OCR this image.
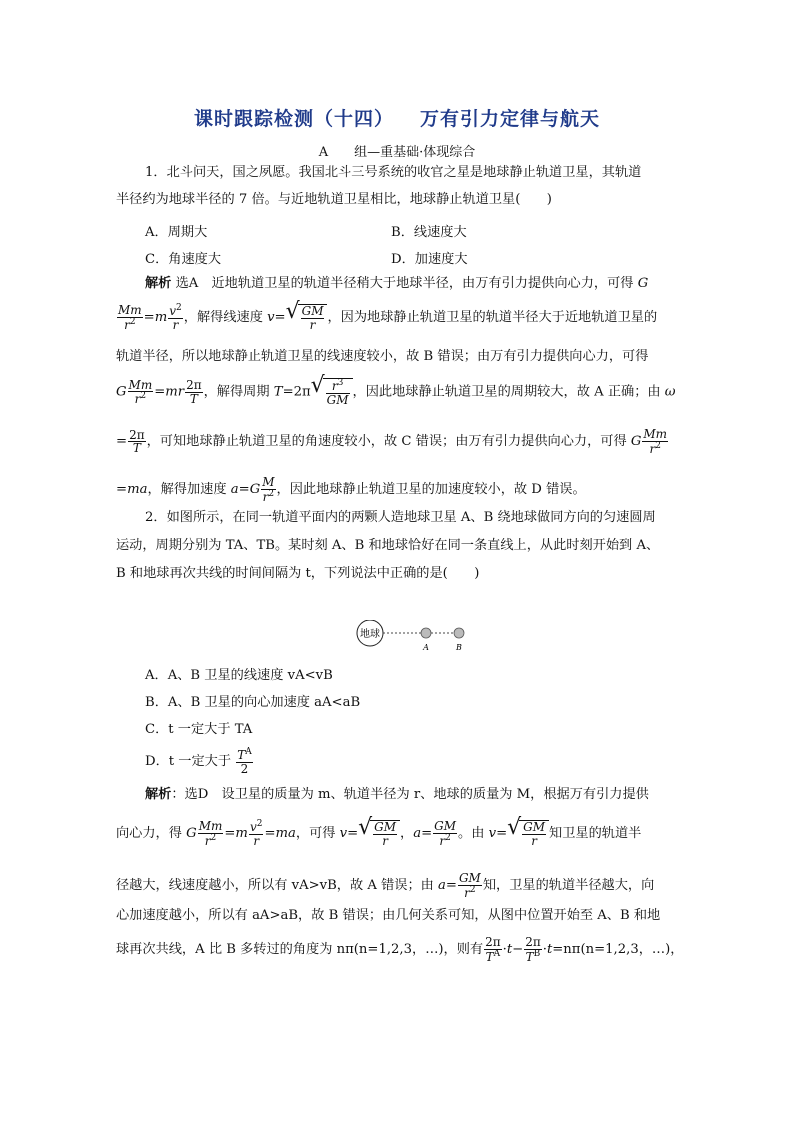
课时跟踪检测（十四） 万有引力定律与航天
A 组—重基础·体现综合
1．北斗问天，国之夙愿。我国北斗三号系统的收官之星是地球静止轨道卫星，其轨道
半径约为地球半径的 7 倍。与近地轨道卫星相比，地球静止轨道卫星(　　)
A．周期大	B．线速度大
C．角速度大	D．加速度大
解析 选A　近地轨道卫星的轨道半径稍大于地球半径，由万有引力提供向心力，可得 G
$\frac{Mm}{r^2} =m \frac{v^2}{r}$ ，解得线速度 v= √ $\frac{GM}{r}$ ，因为地球静止轨道卫星的轨道半径大于近地轨道卫星的
轨道半径，所以地球静止轨道卫星的线速度较小，故 B 错误；由万有引力提供向心力，可得
G $\frac{Mm}{r^2} =mr \frac{2\pi}{T}$ ，解得周期 T=2π √ $\frac{r^3}{GM}$ ，因此地球静止轨道卫星的周期较大，故 A 正确；由 ω
= $\frac{2\pi}{T}$ ，可知地球静止轨道卫星的角速度较小，故 C 错误；由万有引力提供向心力，可得 G $\frac{Mm}{r^2}$
=ma，解得加速度 $a=G \frac{M}{r^2}$ ，因此地球静止轨道卫星的加速度较小，故 D 错误。
2．如图所示，在同一轨道平面内的两颗人造地球卫星 A、B 绕地球做同方向的匀速圆周
运动，周期分别为 TA、TB。某时刻 A、B 和地球恰好在同一条直线上，从此时刻开始到 A、
B 和地球再次共线的时间间隔为 t，下列说法中正确的是(　　)
地球
A	B
A．A、B 卫星的线速度 vA<vB
B．A、B 卫星的向心加速度 aA<aB
C．t 一定大于 TA
D．t 一定大于 $\frac{T^A}{2}$
解析：选D　设卫星的质量为 m、轨道半径为 r、地球的质量为 M，根据万有引力提供
向心力，得 G $\frac{Mm}{r^2} =m \frac{v^2}{r} =ma$，可得 v= √ $\frac{GM}{r}$ ，$a= \frac{GM}{r^2}$ 。由 v= √ $\frac{GM}{r}$ 知卫星的轨道半
径越大，线速度越小，所以有 vA>vB，故 A 错误；由 $a= \frac{GM}{r^2}$ 知，卫星的轨道半径越大，向
心加速度越小，所以有 aA>aB，故 B 错误；由几何关系可知，从图中位置开始至 A、B 和地
球再次共线，A 比 B 多转过的角度为 nπ(n=1,2,3，…)，则有 $\frac{2\pi}{T^A} \cdot t- \frac{2\pi}{T^B} \cdot t=n\pi(n=1,2,3$，…)，
